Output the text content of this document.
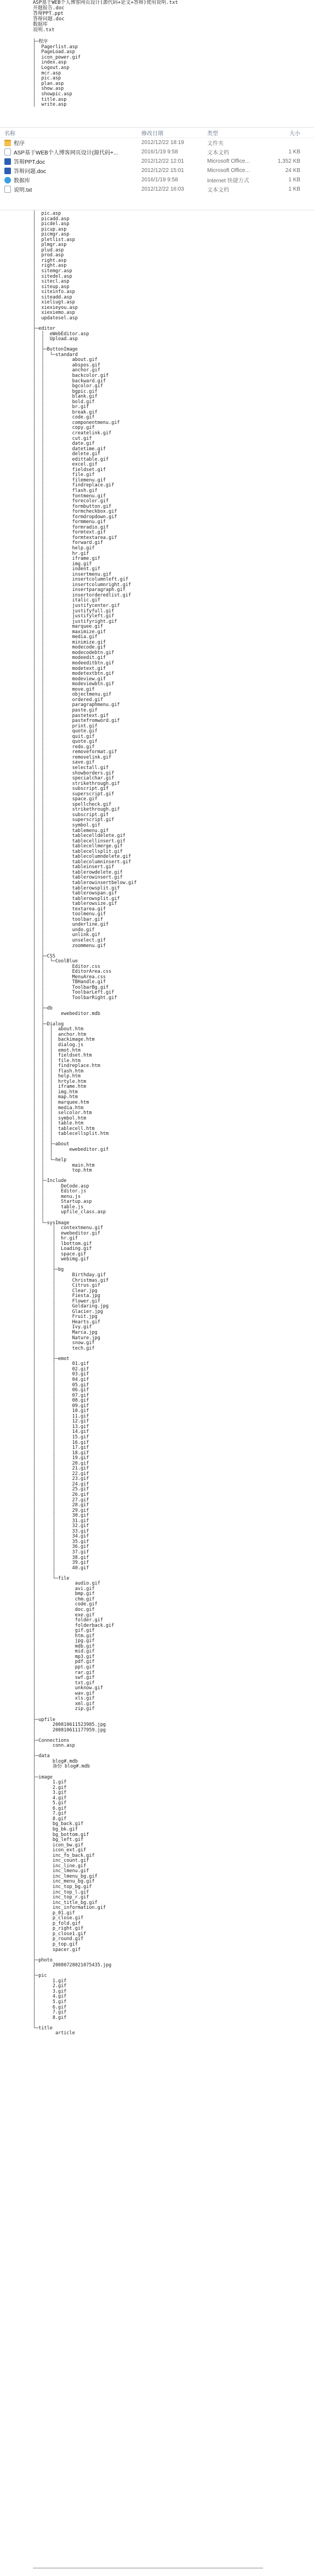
ASP基于WEB个人博客网页设计(源代码+论文+答辩)使用说明.txt
开题报告.doc
答辩PPT.ppt
答辩问题.doc
数据库
说明.txt
├─程序
│  Pagerlist.asp
│  PageLoad.asp
│  icon_power.gif
│  index.asp
│  Logout.asp
│  mcr.asp
│  pic.asp
│  plan.asp
│  show.asp
│  showpic.asp
│  title.asp
│  write.asp
名称	修改日期	类型	大小
程序	2012/12/22 18:19	文件夹
ASP基于WEB个人博客网页设计(源代码+...	2016/1/19 9:58	文本文档	1 KB
答辩PPT.doc	2012/12/22 12:01	Microsoft Office...	1,352 KB
答辩问题.doc	2012/12/22 15:01	Microsoft Office...	24 KB
数据库	2016/1/19 9:58	Internet 快捷方式	1 KB
说明.txt	2012/12/22 16:03	文本文档	1 KB
│  pic.asp
│  picadd.asp
│  picdel.asp
│  picup.asp
│  picmgr.asp
│  pletlist.asp
│  plmgr.asp
│  plud.asp
│  prod.asp
│  right.asp
│  right.asp
│  sitemgr.asp
│  sitedel.asp
│  sitecl.asp
│  siteup.asp
│  siteinfo.asp
│  siteadd.asp
│  xieliugt.asp
│  xiexieyou.asp
│  xiexiemo.asp
│  updatesel.asp
│
├─editor
│  │  eWebEditor.asp
│  │  Upload.asp
│  │
│  ├─ButtonImage
│  │  └─standard
│  │          about.gif
│  │          abspos.gif
│  │          anchor.gif
│  │          backcolor.gif
│  │          backward.gif
│  │          bgcolor.gif
│  │          bgpic.gif
│  │          blank.gif
│  │          bold.gif
│  │          br.gif
│  │          break.gif
│  │          code.gif
│  │          componentmenu.gif
│  │          copy.gif
│  │          createlink.gif
│  │          cut.gif
│  │          date.gif
│  │          datetime.gif
│  │          delete.gif
│  │          edittable.gif
│  │          excel.gif
│  │          fieldset.gif
│  │          file.gif
│  │          filemenu.gif
│  │          findreplace.gif
│  │          flash.gif
│  │          fontmenu.gif
│  │          forecolor.gif
│  │          formbutton.gif
│  │          formcheckbox.gif
│  │          formdropdown.gif
│  │          formmenu.gif
│  │          formradio.gif
│  │          formtext.gif
│  │          formtextarea.gif
│  │          forward.gif
│  │          help.gif
│  │          hr.gif
│  │          iframe.gif
│  │          img.gif
│  │          indent.gif
│  │          insertmenu.gif
│  │          insertcolumnleft.gif
│  │          insertcolumnright.gif
│  │          insertparagraph.gif
│  │          insertorderedlist.gif
│  │          italic.gif
│  │          justifycenter.gif
│  │          justifyfull.gif
│  │          justifyleft.gif
│  │          justifyright.gif
│  │          marquee.gif
│  │          maximize.gif
│  │          media.gif
│  │          minimize.gif
│  │          modecode.gif
│  │          modecodebtn.gif
│  │          modeedit.gif
│  │          modeeditbtn.gif
│  │          modetext.gif
│  │          modetextbtn.gif
│  │          modeview.gif
│  │          modeviewbtn.gif
│  │          move.gif
│  │          objectmenu.gif
│  │          ordered.gif
│  │          paragraphmenu.gif
│  │          paste.gif
│  │          pastetext.gif
│  │          pastefromword.gif
│  │          print.gif
│  │          quote.gif
│  │          quit.gif
│  │          quote.gif
│  │          redo.gif
│  │          removeformat.gif
│  │          removelink.gif
│  │          save.gif
│  │          selectall.gif
│  │          showborders.gif
│  │          specialchar.gif
│  │          strikethrough.gif
│  │          subscript.gif
│  │          superscript.gif
│  │          space.gif
│  │          spellcheck.gif
│  │          strikethrough.gif
│  │          subscript.gif
│  │          superscript.gif
│  │          symbol.gif
│  │          tablemenu.gif
│  │          tablecelldelete.gif
│  │          tablecellinsert.gif
│  │          tablecellmerge.gif
│  │          tablecellsplit.gif
│  │          tablecolumndelete.gif
│  │          tablecolumninsert.gif
│  │          tableinsert.gif
│  │          tablerowdelete.gif
│  │          tablerowinsert.gif
│  │          tablerowinsertbelow.gif
│  │          tablerowsplit.gif
│  │          tablerowspan.gif
│  │          tablerowsplit.gif
│  │          tablerowsize.gif
│  │          textarea.gif
│  │          toolmenu.gif
│  │          toolbar.gif
│  │          underline.gif
│  │          undo.gif
│  │          unlink.gif
│  │          unselect.gif
│  │          zoommenu.gif
│  │
│  ├─CSS
│  │  └─CoolBlue
│  │          Editor.css
│  │          EditorArea.css
│  │          MenuArea.css
│  │          TBHandle.gif
│  │          ToolbarBg.gif
│  │          ToolbarLeft.gif
│  │          ToolbarRight.gif
│  │
│  ├─db
│  │      ewebeditor.mdb
│  │
│  ├─Dialog
│  │  │  about.htm
│  │  │  anchor.htm
│  │  │  backimage.htm
│  │  │  dialog.js
│  │  │  emot.htm
│  │  │  fieldset.htm
│  │  │  file.htm
│  │  │  findreplace.htm
│  │  │  flash.htm
│  │  │  help.htm
│  │  │  hrtyle.htm
│  │  │  iframe.htm
│  │  │  img.htm
│  │  │  map.htm
│  │  │  marquee.htm
│  │  │  media.htm
│  │  │  selcolor.htm
│  │  │  symbol.htm
│  │  │  table.htm
│  │  │  tablecell.htm
│  │  │  tablecellsplit.htm
│  │  │
│  │  ├─about
│  │  │      ewebeditor.gif
│  │  │
│  │  └─help
│  │          main.htm
│  │          top.htm
│  │
│  ├─Include
│  │      DeCode.asp
│  │      Editor.js
│  │      menu.js
│  │      Startup.asp
│  │      table.js
│  │      upfile_class.asp
│  │
│  └─sysImage
│      │  contextmenu.gif
│      │  ewebeditor.gif
│      │  hr.gif
│      │  lbottom.gif
│      │  Loading.gif
│      │  space.gif
│      │  webimg.gif
│      │
│      ├─bg
│      │      Birthday.gif
│      │      Christmas.gif
│      │      Citrus.gif
│      │      Clear.jpg
│      │      Fiesta.jpg
│      │      Flower.gif
│      │      Goldaring.jpg
│      │      Glacier.jpg
│      │      Fruit.jpg
│      │      Hearts.gif
│      │      Ivy.gif
│      │      Marca.jpg
│      │      Nature.jpg
│      │      snow.gif
│      │      tech.gif
│      │
│      ├─emot
│      │      01.gif
│      │      02.gif
│      │      03.gif
│      │      04.gif
│      │      05.gif
│      │      06.gif
│      │      07.gif
│      │      08.gif
│      │      09.gif
│      │      10.gif
│      │      11.gif
│      │      12.gif
│      │      13.gif
│      │      14.gif
│      │      15.gif
│      │      16.gif
│      │      17.gif
│      │      18.gif
│      │      19.gif
│      │      20.gif
│      │      21.gif
│      │      22.gif
│      │      23.gif
│      │      24.gif
│      │      25.gif
│      │      26.gif
│      │      27.gif
│      │      28.gif
│      │      29.gif
│      │      30.gif
│      │      31.gif
│      │      32.gif
│      │      33.gif
│      │      34.gif
│      │      35.gif
│      │      36.gif
│      │      37.gif
│      │      38.gif
│      │      39.gif
│      │      40.gif
│      │
│      └─file
│              audio.gif
│              avi.gif
│              bmp.gif
│              chm.gif
│              code.gif
│              doc.gif
│              exe.gif
│              folder.gif
│              folderback.gif
│              gif.gif
│              htm.gif
│              jpg.gif
│              mdb.gif
│              mid.gif
│              mp3.gif
│              pdf.gif
│              ppt.gif
│              rar.gif
│              swf.gif
│              txt.gif
│              unknow.gif
│              wav.gif
│              xls.gif
│              xml.gif
│              zip.gif
│
├─upfile
│      200810611523985.jpg
│      200810611177959.jpg
│
├─Connections
│      conn.asp
│
├─data
│      blog#.mdb
│      备份 blog#.mdb
│
├─image
│      1.gif
│      2.gif
│      3.gif
│      4.gif
│      5.gif
│      6.gif
│      7.gif
│      8.gif
│      bg_back.gif
│      bg_bk.gif
│      bg_bottom.gif
│      bg_left.gif
│      icon_bw.gif
│      icon_ext.gif
│      inc_fo_back.gif
│      inc_count.gif
│      inc_line.gif
│      inc_lmenu.gif
│      inc_lmenu_bg.gif
│      inc_menu_bg.gif
│      inc_top_bg.gif
│      inc_top_l.gif
│      inc_top_r.gif
│      inc_title_bg.gif
│      inc_information.gif
│      p_01.gif
│      p_close.gif
│      p_fold.gif
│      p_right.gif
│      p_close1.gif
│      p_round.gif
│      p_top.gif
│      spacer.gif
│
├─photo
│      20080728021075435.jpg
│
├─pic
│      1.gif
│      2.gif
│      3.gif
│      4.gif
│      5.gif
│      6.gif
│      7.gif
│      8.gif
│
└─title
article
